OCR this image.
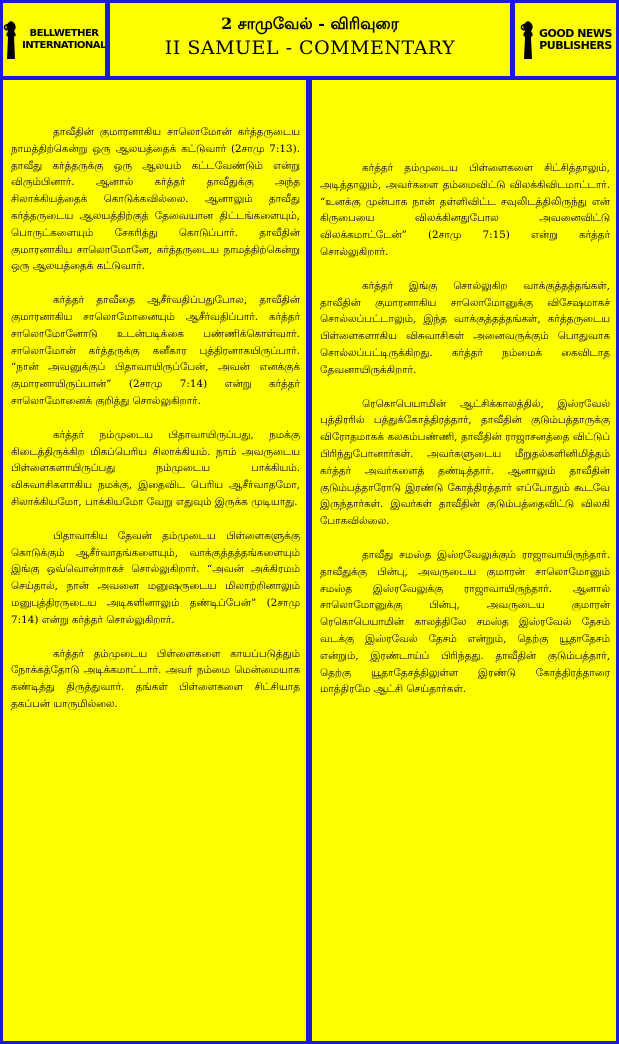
BELLWETHER
INTERNATIONAL
2 சாமுவேல் - விரிவுரை
II SAMUEL - COMMENTARY
GOOD NEWS
PUBLISHERS

தாவீதின் குமாரனாகிய சாலொமோன் கர்த்தருடைய நாமத்திற்கென்று ஒரு ஆலயத்தைக் கட்டுவார் (2சாமு 7:13). தாவீது கர்த்தருக்கு ஒரு ஆலயம் கட்டவேண்டும் என்று விரும்பினார். ஆனால் கர்த்தர் தாவீதுக்கு அந்த சிலாக்கியத்தைக் கொடுக்கவில்லை. ஆனாலும் தாவீது கர்த்தருடைய ஆலயத்திற்குத் தேவையான திட்டங்களையும், பொருட்களையும் சேகரித்து கொடுப்பார். தாவீதின் குமாரனாகிய சாலொமோனே, கர்த்தருடைய நாமத்திற்கென்று ஒரு ஆலயத்தைக் கட்டுவார்.

கர்த்தர் தாவீதை ஆசீர்வதிப்பதுபோல, தாவீதின் குமாரனாகிய சாலொமோனையும் ஆசீர்வதிப்பார். கர்த்தர் சாலொமோனோடு உடன்படிக்கை பண்ணிக்கொள்வார். சாலொமோன் கர்த்தருக்கு கனீகார புத்திரனாகயிருப்பார். “நான் அவனுக்குப் பிதாவாயிருப்பேன், அவன் எனக்குக் குமாரனாயிருப்பான்” (2சாமு 7:14) என்று கர்த்தர் சாலொமோனைக் குறித்து சொல்லுகிறார்.

கர்த்தர் நம்முடைய பிதாவாயிருப்பது, நமக்கு கிடைத்திருக்கிற மிகப்பெரிய சிலாக்கியம். நாம் அவருடைய பிள்ளைகளாயிருப்பது நம்முடைய பாக்கியம். விசுவாசிகளாகிய நமக்கு, இதைவிட பெரிய ஆசீர்வாதமோ, சிலாக்கியமோ, பாக்கியமோ வேறு எதுவும் இருக்க முடியாது.

பிதாவாகிய தேவன் தம்முடைய பிள்ளைகளுக்கு கொடுக்கும் ஆசீர்வாதங்களையும், வாக்குத்தத்தங்களையும் இங்கு ஒவ்வொன்றாகச் சொல்லுகிறார். “அவன் அக்கிரமம் செய்தால், நான் அவனை மனுஷருடைய மிலாற்றினாலும் மனுபுத்திரருடைய அடிகளினாலும் தண்டிப்பேன்” (2சாமு 7:14) என்று கர்த்தர் சொல்லுகிறார்.

கர்த்தர் தம்முடைய பிள்ளைகளை காயப்படுத்தும் நோக்கத்தோடு அடிக்கமாட்டார். அவர் நம்மை மென்மையாக கண்டித்து திருத்துவார். தங்கள் பிள்ளைகளை சிட்சியாத தகப்பன் யாருமில்லை.

கர்த்தர் தம்முடைய பிள்ளைகளை சிட்சித்தாலும், அடித்தாலும், அவர்களை தம்மைவிட்டு விலக்கிவிடமாட்டார். “உனக்கு முன்பாக நான் தள்ளிவிட்ட சவுலிடத்திலிருந்து என் கிருபையை விலக்கினதுபோல அவனைவிட்டு விலக்கமாட்டேன்” (2சாமு 7:15) என்று கர்த்தர் சொல்லுகிறார்.

கர்த்தர் இங்கு சொல்லுகிற வாக்குத்தத்தங்கள், தாவீதின் குமாரனாகிய சாலொமோனுக்கு விசேஷமாகச் சொல்லப்பட்டாலும், இந்த வாக்குத்தத்தங்கள், கர்த்தருடைய பிள்ளைகளாகிய விசுவாசிகள் அனைவருக்கும் பொதுவாக சொல்லப்பட்டிருக்கிறது. கர்த்தர் நம்மைக் கைவிடாத தேவனாயிருக்கிறார்.

ரெகொபெயாமின் ஆட்சிக்காலத்தில், இஸ்ரவேல் புத்திரரில் பத்துக்கோத்திரத்தார், தாவீதின் குடும்பத்தாருக்கு விரோதமாகக் கலகம்பண்ணி, தாவீதின் ராஜாசனத்தை விட்டுப் பிரிந்துபோனார்கள். அவர்களுடைய மீறுதல்களினிமித்தம் கர்த்தர் அவர்களைத் தண்டித்தார். ஆனாலும் தாவீதின் குடும்பத்தாரோடு இரண்டு கோத்திரத்தார் எப்போதும் கூடவே இருந்தார்கள். இவர்கள் தாவீதின் குடும்பத்தைவிட்டு விலகி போகவில்லை.

தாவீது சமஸ்த இஸ்ரவேலுக்கும் ராஜாவாயிருந்தார். தாவீதுக்கு பின்பு, அவருடைய குமாரன் சாலொமோனும் சமஸ்த இஸ்ரவேலுக்கு ராஜாவாயிருந்தார். ஆனால் சாலொமோனுக்கு பின்பு, அவருடைய குமாரன் ரெகொபெயாமின் காலத்திலே சமஸ்த இஸ்ரவேல் தேசம் வடக்கு இஸ்ரவேல் தேசம் என்றும், தெற்கு யூதாதேசம் என்றும், இரண்டாய்ப் பிரிந்தது. தாவீதின் குடும்பத்தார், தெற்கு யூதாதேசத்திலுள்ள இரண்டு கோத்திரத்தாரை மாத்திரமே ஆட்சி செய்தார்கள்.
